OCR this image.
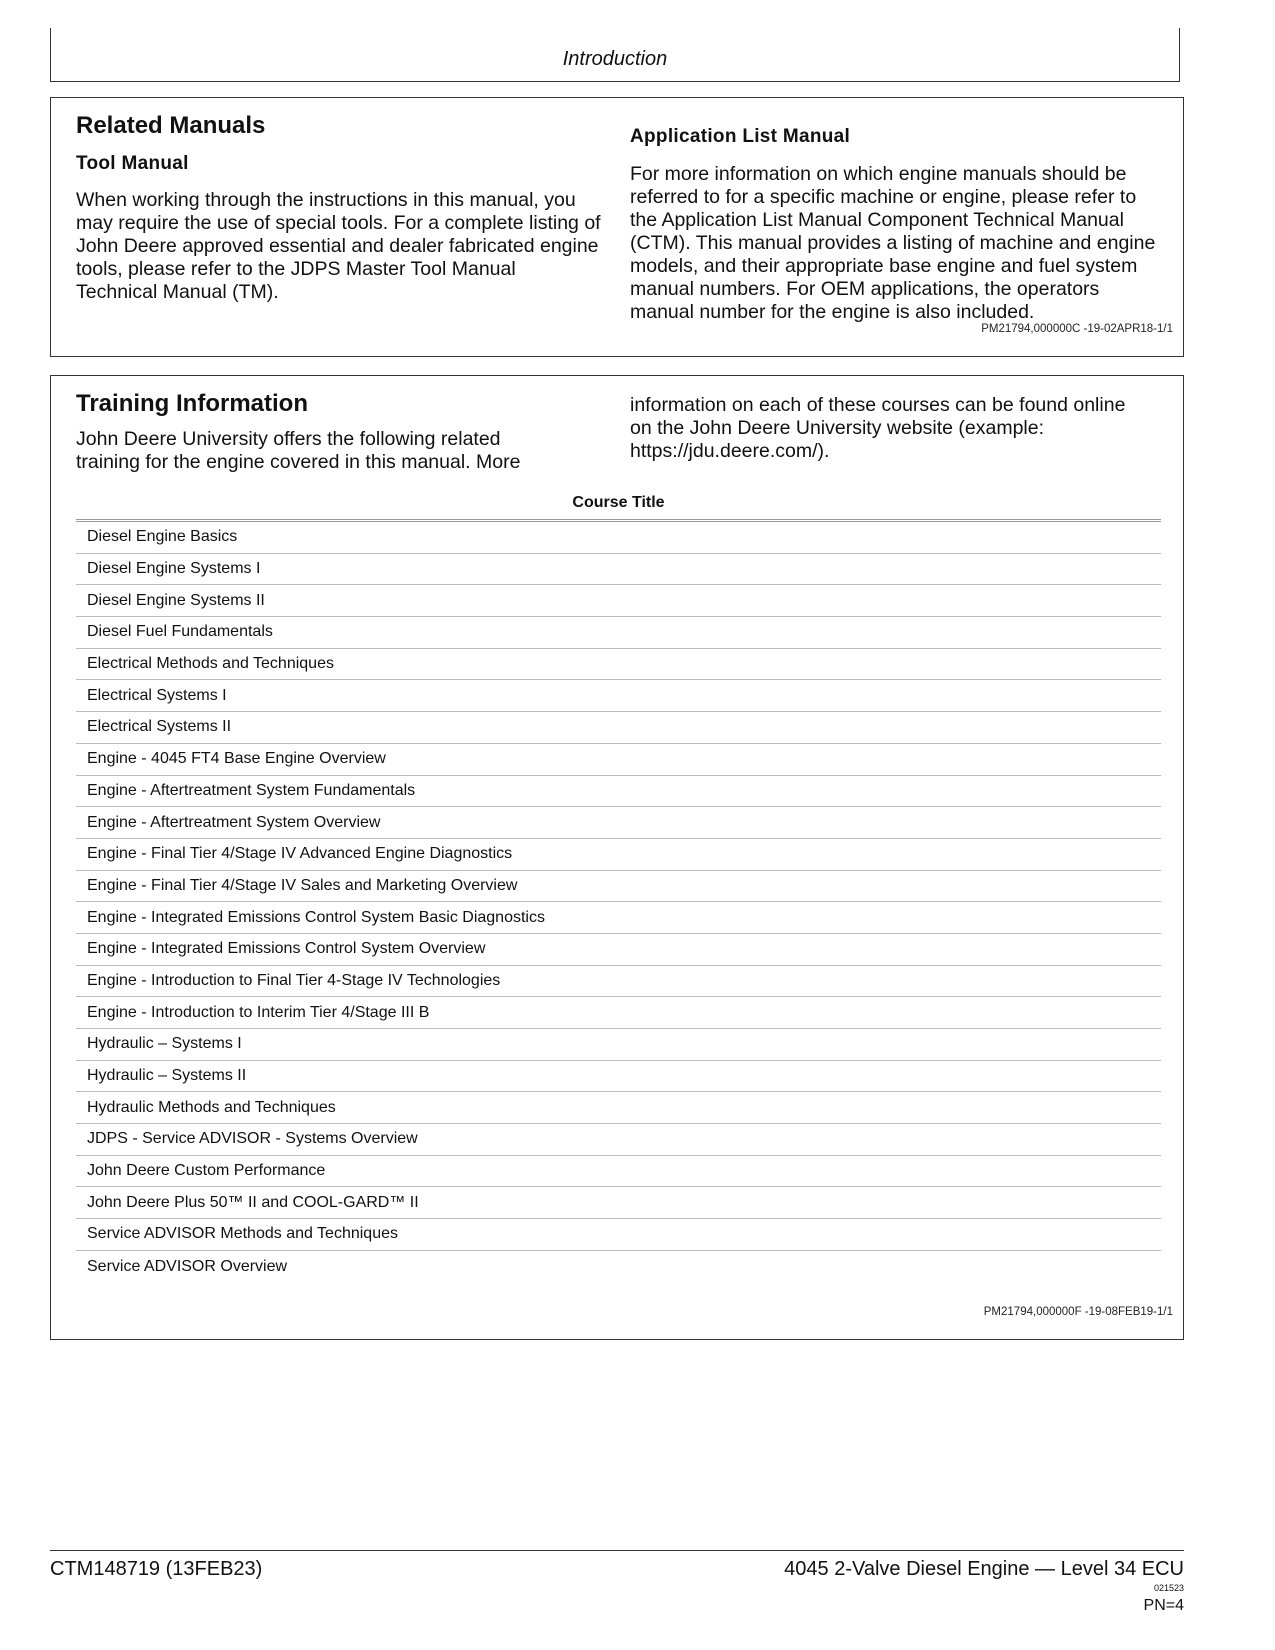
Introduction
Related Manuals
Tool Manual

When working through the instructions in this manual, you may require the use of special tools. For a complete listing of John Deere approved essential and dealer fabricated engine tools, please refer to the JDPS Master Tool Manual Technical Manual (TM).

Application List Manual

For more information on which engine manuals should be referred to for a specific machine or engine, please refer to the Application List Manual Component Technical Manual (CTM). This manual provides a listing of machine and engine models, and their appropriate base engine and fuel system manual numbers. For OEM applications, the operators manual number for the engine is also included.

PM21794,000000C -19-02APR18-1/1
Training Information

John Deere University offers the following related training for the engine covered in this manual. More

information on each of these courses can be found online on the John Deere University website (example: https://jdu.deere.com/).

Course Title
Diesel Engine Basics
Diesel Engine Systems I
Diesel Engine Systems II
Diesel Fuel Fundamentals
Electrical Methods and Techniques
Electrical Systems I
Electrical Systems II
Engine - 4045 FT4 Base Engine Overview
Engine - Aftertreatment System Fundamentals
Engine - Aftertreatment System Overview
Engine - Final Tier 4/Stage IV Advanced Engine Diagnostics
Engine - Final Tier 4/Stage IV Sales and Marketing Overview
Engine - Integrated Emissions Control System Basic Diagnostics
Engine - Integrated Emissions Control System Overview
Engine - Introduction to Final Tier 4-Stage IV Technologies
Engine - Introduction to Interim Tier 4/Stage III B
Hydraulic – Systems I
Hydraulic – Systems II
Hydraulic Methods and Techniques
JDPS - Service ADVISOR - Systems Overview
John Deere Custom Performance
John Deere Plus 50™ II and COOL-GARD™ II
Service ADVISOR Methods and Techniques
Service ADVISOR Overview
PM21794,000000F -19-08FEB19-1/1
CTM148719 (13FEB23)	4045 2-Valve Diesel Engine — Level 34 ECU
021523
PN=4
